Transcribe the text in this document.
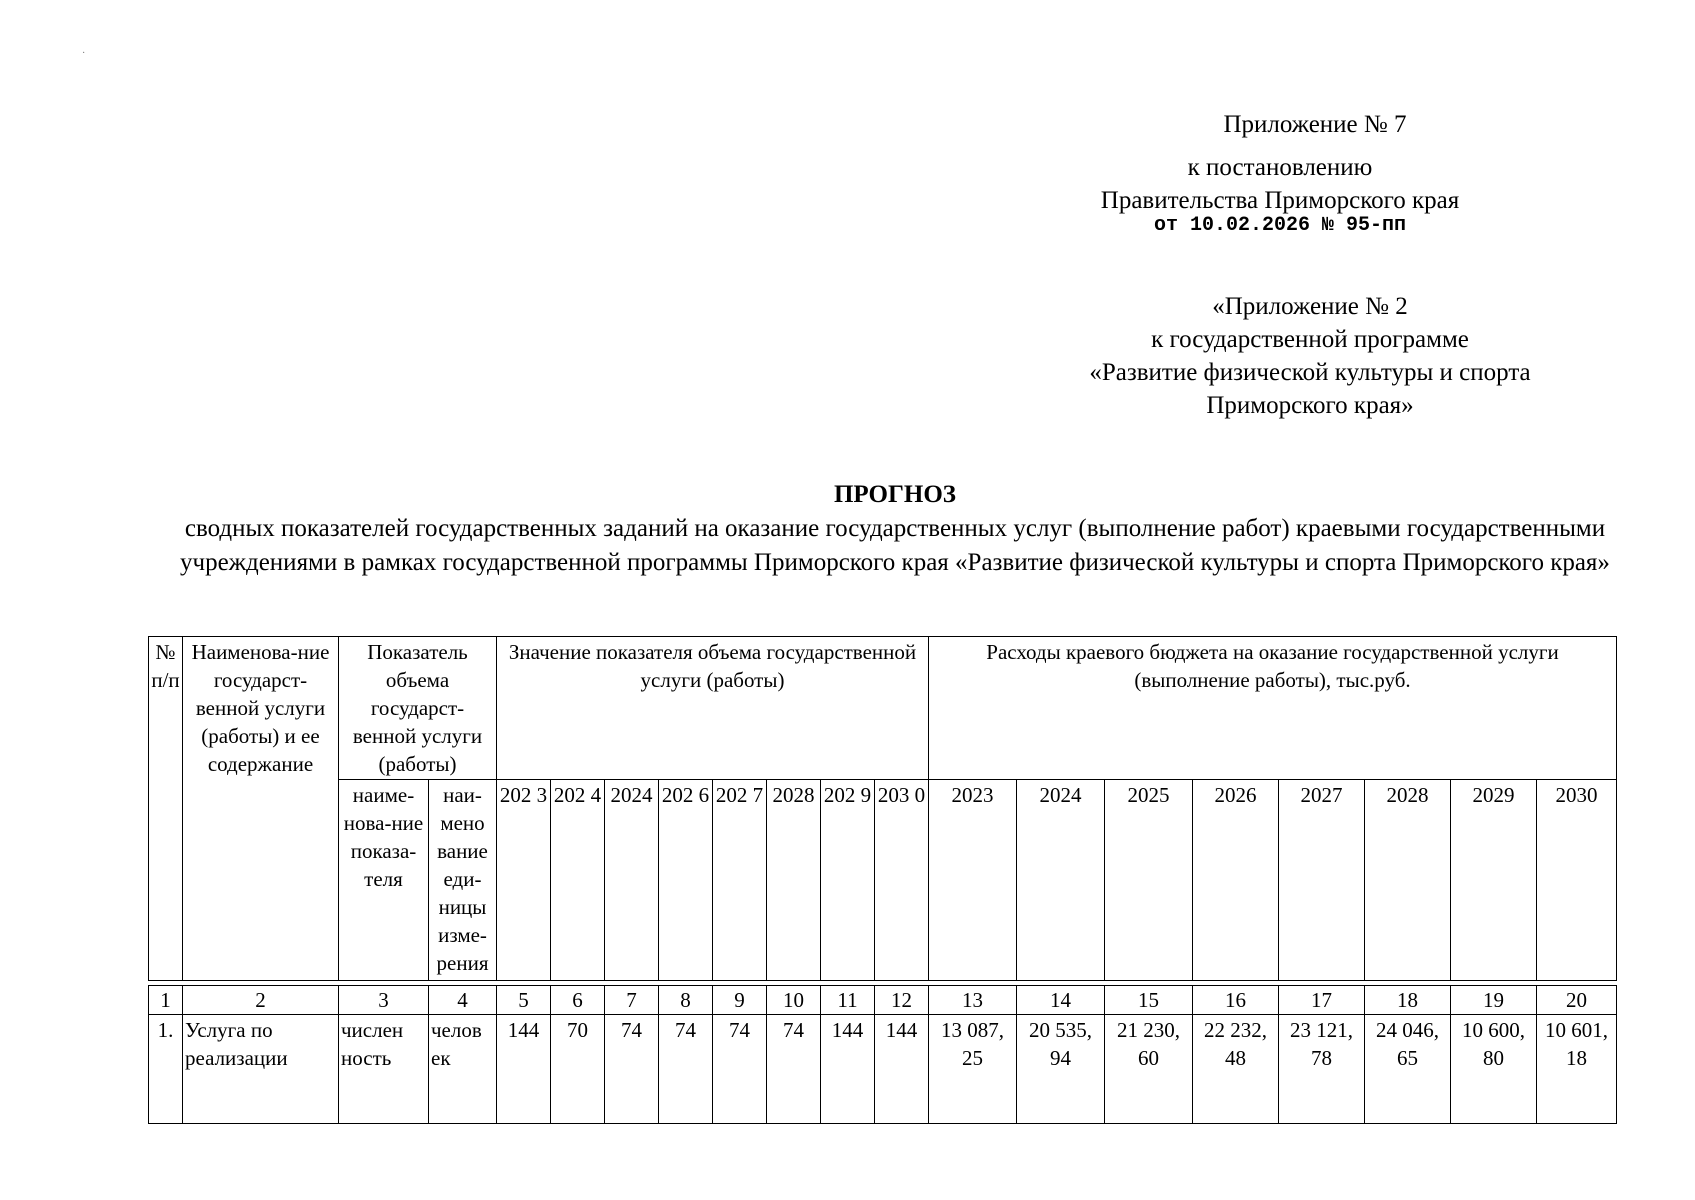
·
Приложение № 7
к постановлению
Правительства Приморского края
от 10.02.2026 № 95-пп
«Приложение № 2
к государственной программе
«Развитие физической культуры и спорта
Приморского края»
ПРОГНОЗ
сводных показателей государственных заданий на оказание государственных услуг (выполнение работ) краевыми государственными учреждениями в рамках государственной программы Приморского края «Развитие физической культуры и спорта Приморского края»
№ п/п	Наименова-ние государст-венной услуги (работы) и ее содержание	Показатель объема государст-венной услуги (работы)		Значение показателя объема государственной услуги (работы)								Расходы краевого бюджета на оказание государственной услуги (выполнение работы), тыс.руб.							
		наиме-нова-ние показа-теля	наи-мено вание еди-ницы изме-рения	202 3	202 4	2024	202 6	202 7	2028	202 9	203 0	2023	2024	2025	2026	2027	2028	2029	2030

1	2	3	4	5	6	7	8	9	10	11	12	13	14	15	16	17	18	19	20
1.	Услуга по реализации	числен ность	челов ек	144	70	74	74	74	74	144	144	13 087, 25	20 535, 94	21 230, 60	22 232, 48	23 121, 78	24 046, 65	10 600, 80	10 601, 18
